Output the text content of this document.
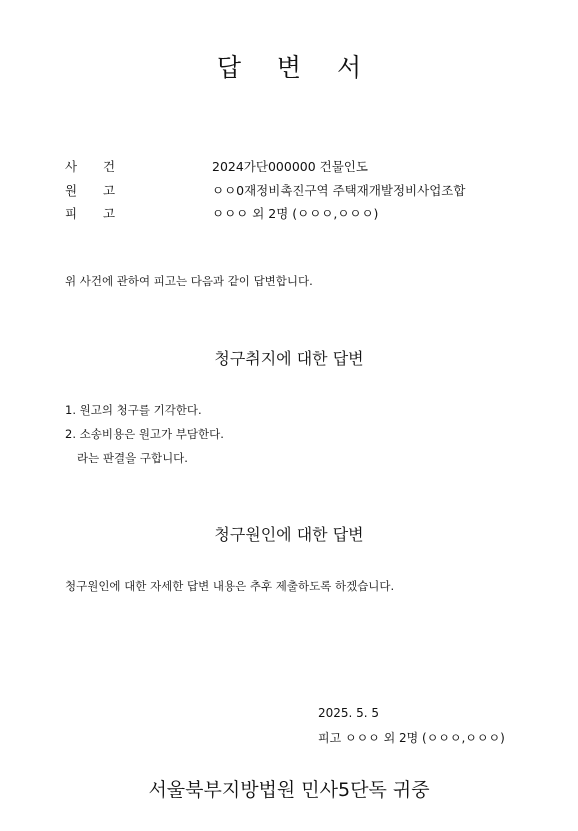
답 변 서
사 건	2024가단000000 건물인도
원 고	ㅇㅇ0재정비촉진구역 주택재개발정비사업조합
피 고	ㅇㅇㅇ 외 2명 (ㅇㅇㅇ,ㅇㅇㅇ)
위 사건에 관하여 피고는 다음과 같이 답변합니다.
청구취지에 대한 답변
1. 원고의 청구를 기각한다.
2. 소송비용은 원고가 부담한다.
라는 판결을 구합니다.
청구원인에 대한 답변
청구원인에 대한 자세한 답변 내용은 추후 제출하도록 하겠습니다.
2025. 5. 5
피고 ㅇㅇㅇ 외 2명 (ㅇㅇㅇ,ㅇㅇㅇ)
서울북부지방법원 민사5단독 귀중
